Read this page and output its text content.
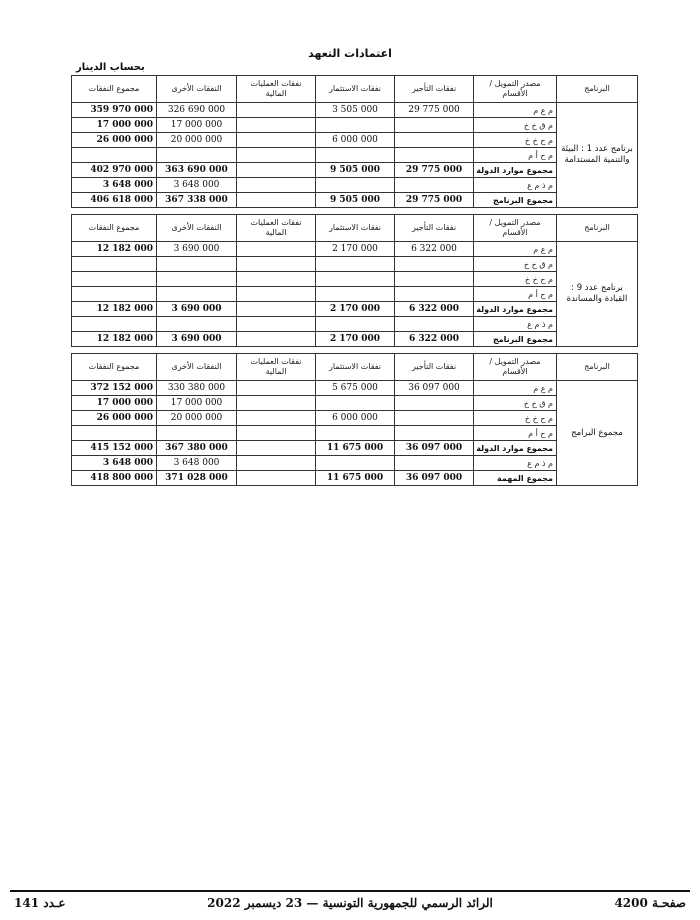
اعتمادات التعهد
بحساب الدينار
مجموع النفقات	النفقات الأخرى	نفقات العمليات المالية	نفقات الاستثمار	نفقات التأجير	مصدر التمويل / الأقسام	البرنامج
359 970 000	326 690 000		3 505 000	29 775 000	م ع م	برنامج عدد 1 : البيئة والتنمية المستدامة
17 000 000	17 000 000				م ق خ خ	
26 000 000	20 000 000		6 000 000		م ح خ خ	
					م ح أ م	
402 970 000	363 690 000		9 505 000	29 775 000	مجموع موارد الدولة	
3 648 000	3 648 000				م ذ م ع	
406 618 000	367 338 000		9 505 000	29 775 000	مجموع البرنامج	
مجموع النفقات	النفقات الأخرى	نفقات العمليات المالية	نفقات الاستثمار	نفقات التأجير	مصدر التمويل / الأقسام	البرنامج
12 182 000	3 690 000		2 170 000	6 322 000	م ع م	برنامج عدد 9 : القيادة والمساندة
					م ق خ خ	
					م ح خ خ	
					م ح أ م	
12 182 000	3 690 000		2 170 000	6 322 000	مجموع موارد الدولة	
					م ذ م ع	
12 182 000	3 690 000		2 170 000	6 322 000	مجموع البرنامج	
مجموع النفقات	النفقات الأخرى	نفقات العمليات المالية	نفقات الاستثمار	نفقات التأجير	مصدر التمويل / الأقسام	البرنامج
372 152 000	330 380 000		5 675 000	36 097 000	م ع م	مجموع البرامج
17 000 000	17 000 000				م ق خ خ	
26 000 000	20 000 000		6 000 000		م ح خ خ	
					م ح أ م	
415 152 000	367 380 000		11 675 000	36 097 000	مجموع موارد الدولة	
3 648 000	3 648 000				م ذ م ع	
418 800 000	371 028 000		11 675 000	36 097 000	مجموع المهمة	
عـدد 141	الرائد الرسمي للجمهورية التونسية — 23 ديسمبر 2022	صفحـة 4200
